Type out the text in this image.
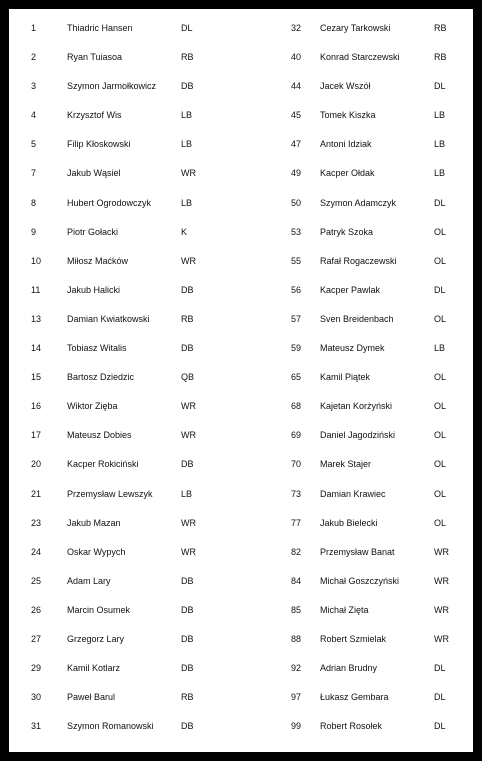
1	Thiadric Hansen	DL
2	Ryan Tuiasoa	RB
3	Szymon Jarmołkowicz	DB
4	Krzysztof Wis	LB
5	Filip Kłoskowski	LB
7	Jakub Wąsiel	WR
8	Hubert Ogrodowczyk	LB
9	Piotr Gołacki	K
10	Miłosz Maćków	WR
11	Jakub Halicki	DB
13	Damian Kwiatkowski	RB
14	Tobiasz Witalis	DB
15	Bartosz Dziedzic	QB
16	Wiktor Zięba	WR
17	Mateusz Dobies	WR
20	Kacper Rokiciński	DB
21	Przemysław Lewszyk	LB
23	Jakub Mazan	WR
24	Oskar Wypych	WR
25	Adam Lary	DB
26	Marcin Osumek	DB
27	Grzegorz Lary	DB
29	Kamil Kotlarz	DB
30	Paweł Barul	RB
31	Szymon Romanowski	DB
32	Cezary Tarkowski	RB
40	Konrad Starczewski	RB
44	Jacek Wszół	DL
45	Tomek Kiszka	LB
47	Antoni Idziak	LB
49	Kacper Ołdak	LB
50	Szymon Adamczyk	DL
53	Patryk Szoka	OL
55	Rafał Rogaczewski	OL
56	Kacper Pawlak	DL
57	Sven Breidenbach	OL
59	Mateusz Dymek	LB
65	Kamil Piątek	OL
68	Kajetan Korżyński	OL
69	Daniel Jagodziński	OL
70	Marek Stajer	OL
73	Damian Krawiec	OL
77	Jakub Bielecki	OL
82	Przemysław Banat	WR
84	Michał Goszczyński	WR
85	Michał Zięta	WR
88	Robert Szmielak	WR
92	Adrian Brudny	DL
97	Łukasz Gembara	DL
99	Robert Rosołek	DL
